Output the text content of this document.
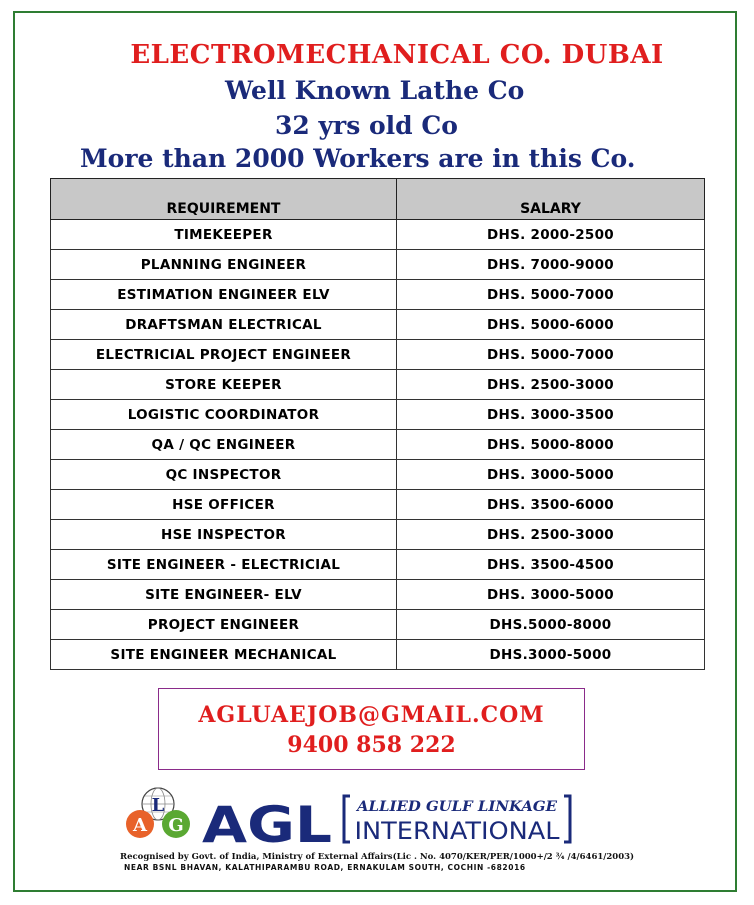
ELECTROMECHANICAL CO. DUBAI
Well Known Lathe Co
32 yrs old Co
More than 2000 Workers are in this Co.
REQUIREMENT	SALARY
TIMEKEEPER	DHS. 2000-2500
PLANNING ENGINEER	DHS. 7000-9000
ESTIMATION ENGINEER ELV	DHS. 5000-7000
DRAFTSMAN ELECTRICAL	DHS. 5000-6000
ELECTRICIAL PROJECT ENGINEER	DHS. 5000-7000
STORE KEEPER	DHS. 2500-3000
LOGISTIC COORDINATOR	DHS. 3000-3500
QA / QC ENGINEER	DHS. 5000-8000
QC INSPECTOR	DHS. 3000-5000
HSE OFFICER	DHS. 3500-6000
HSE INSPECTOR	DHS. 2500-3000
SITE ENGINEER - ELECTRICIAL	DHS. 3500-4500
SITE ENGINEER- ELV	DHS. 3000-5000
PROJECT ENGINEER	DHS.5000-8000
SITE ENGINEER MECHANICAL	DHS.3000-5000
AGLUAEJOB@GMAIL.COM
9400 858 222
L
A G AGL ALLIED GULF LINKAGE
INTERNATIONAL
Recognised by Govt. of India, Ministry of External Affairs(Lic . No. 4070/KER/PER/1000+/2 ¾ /4/6461/2003)
NEAR BSNL BHAVAN, KALATHIPARAMBU ROAD, ERNAKULAM SOUTH, COCHIN -682016
